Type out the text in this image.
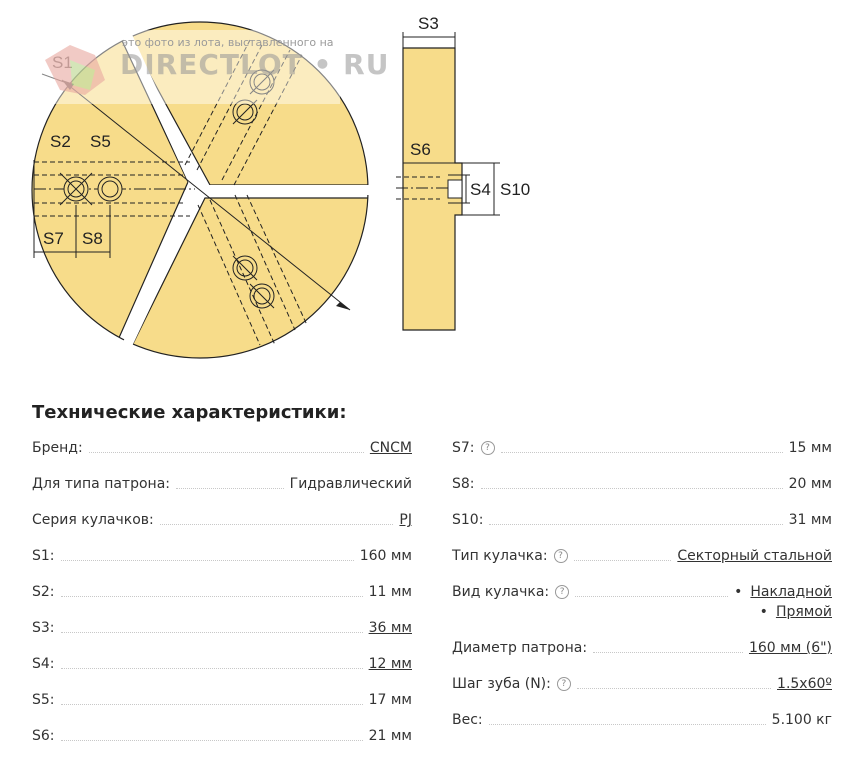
S2 S5
S7 S8
S3
S6
S4 S10
это фото из лота, выставленного на
DIRECTLOT • RU
Технические характеристики:
Бренд:	CNCM
Для типа патрона:	Гидравлический
Серия кулачков:	PJ
S1:	160 мм
S2:	11 мм
S3:	36 мм
S4:	12 мм
S5:	17 мм
S6:	21 мм
S7:	?	15 мм
S8:	20 мм
S10:	31 мм
Тип кулачка:	?	Секторный стальной
Вид кулачка:	?
•	Накладной
• Прямой
Диаметр патрона:	160 мм (6")
Шаг зуба (N):	?	1.5x60º
Вес:	5.100 кг
